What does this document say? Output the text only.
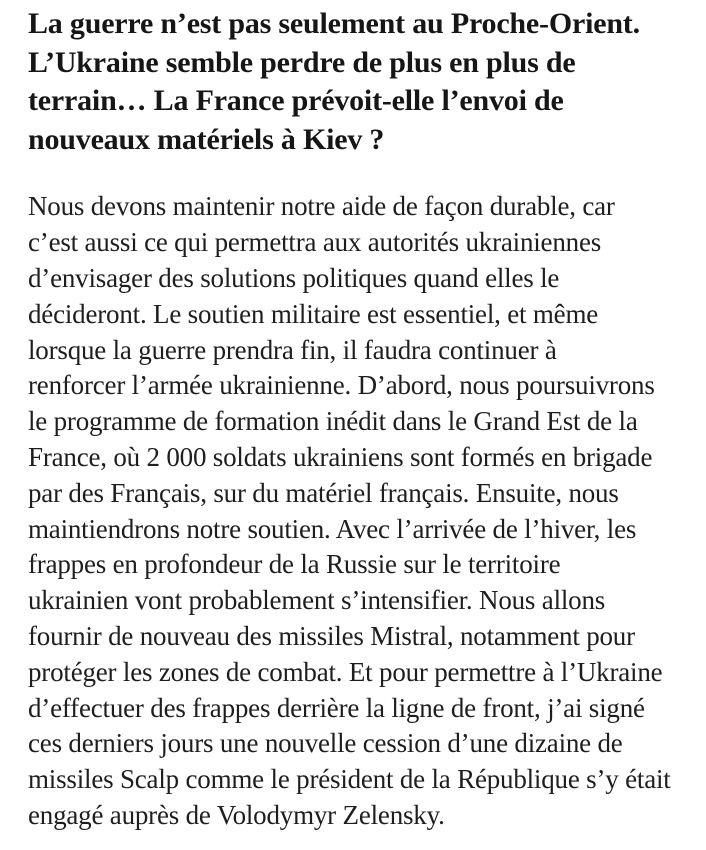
La guerre n’est pas seulement au Proche-Orient.
L’Ukraine semble perdre de plus en plus de
terrain… La France prévoit-elle l’envoi de
nouveaux matériels à Kiev ?
Nous devons maintenir notre aide de façon durable, car
c’est aussi ce qui permettra aux autorités ukrainiennes
d’envisager des solutions politiques quand elles le
décideront. Le soutien militaire est essentiel, et même
lorsque la guerre prendra fin, il faudra continuer à
renforcer l’armée ukrainienne. D’abord, nous poursuivrons
le programme de formation inédit dans le Grand Est de la
France, où 2 000 soldats ukrainiens sont formés en brigade
par des Français, sur du matériel français. Ensuite, nous
maintiendrons notre soutien. Avec l’arrivée de l’hiver, les
frappes en profondeur de la Russie sur le territoire
ukrainien vont probablement s’intensifier. Nous allons
fournir de nouveau des missiles Mistral, notamment pour
protéger les zones de combat. Et pour permettre à l’Ukraine
d’effectuer des frappes derrière la ligne de front, j’ai signé
ces derniers jours une nouvelle cession d’une dizaine de
missiles Scalp comme le président de la République s’y était
engagé auprès de Volodymyr Zelensky.
